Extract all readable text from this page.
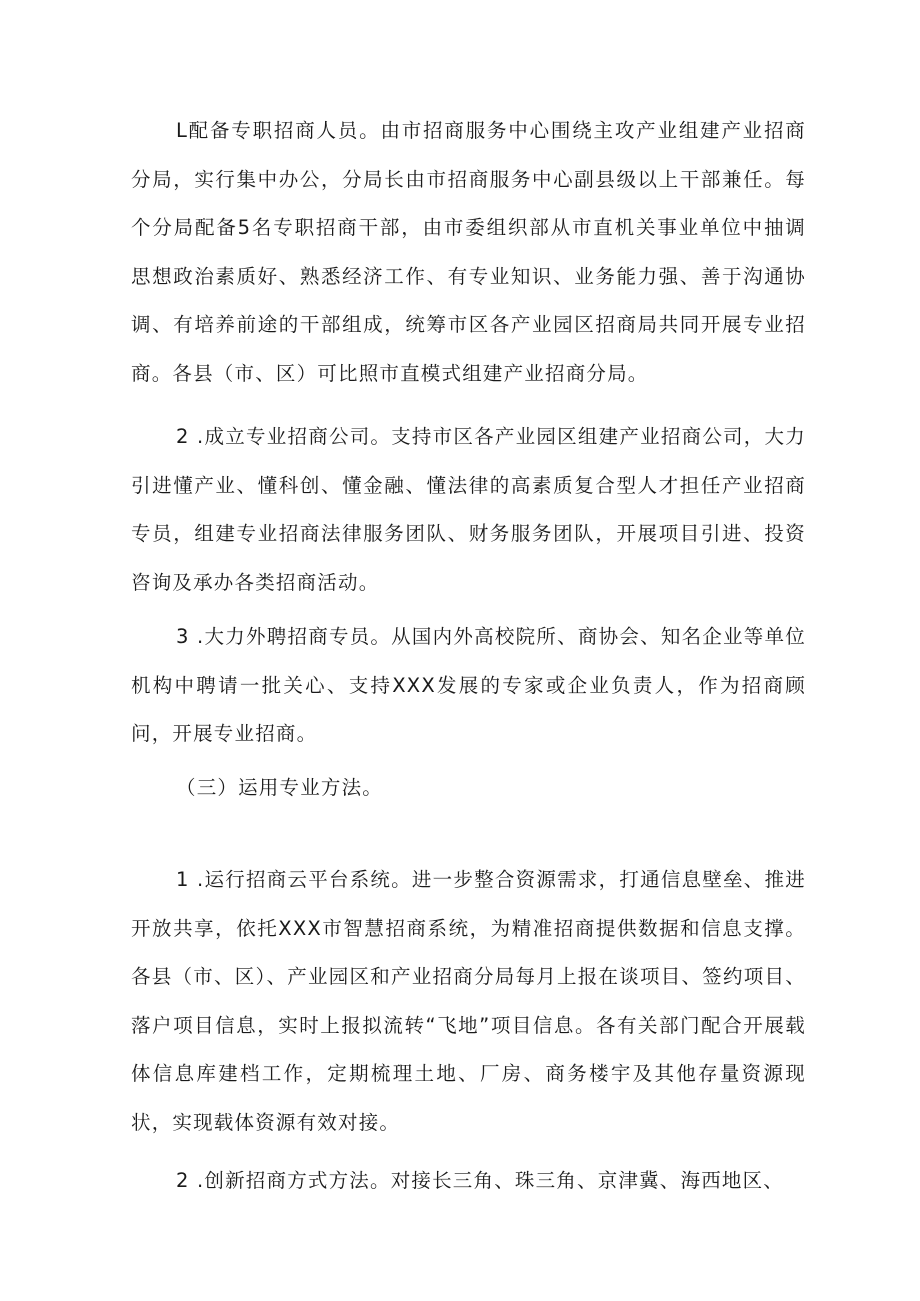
L配备专职招商人员。由市招商服务中心围绕主攻产业组建产业招商分局，实行集中办公，分局长由市招商服务中心副县级以上干部兼任。每个分局配备5名专职招商干部，由市委组织部从市直机关事业单位中抽调思想政治素质好、熟悉经济工作、有专业知识、业务能力强、善于沟通协调、有培养前途的干部组成，统筹市区各产业园区招商局共同开展专业招商。各县（市、区）可比照市直模式组建产业招商分局。

2 .成立专业招商公司。支持市区各产业园区组建产业招商公司，大力引进懂产业、懂科创、懂金融、懂法律的高素质复合型人才担任产业招商专员，组建专业招商法律服务团队、财务服务团队，开展项目引进、投资咨询及承办各类招商活动。

3 .大力外聘招商专员。从国内外高校院所、商协会、知名企业等单位机构中聘请一批关心、支持XXX发展的专家或企业负责人，作为招商顾问，开展专业招商。

（三）运用专业方法。

1 .运行招商云平台系统。进一步整合资源需求，打通信息壁垒、推进开放共享，依托XXX市智慧招商系统，为精准招商提供数据和信息支撑。各县（市、区）、产业园区和产业招商分局每月上报在谈项目、签约项目、落户项目信息，实时上报拟流转“飞地”项目信息。各有关部门配合开展载体信息库建档工作，定期梳理土地、厂房、商务楼宇及其他存量资源现状，实现载体资源有效对接。

2 .创新招商方式方法。对接长三角、珠三角、京津冀、海西地区、
